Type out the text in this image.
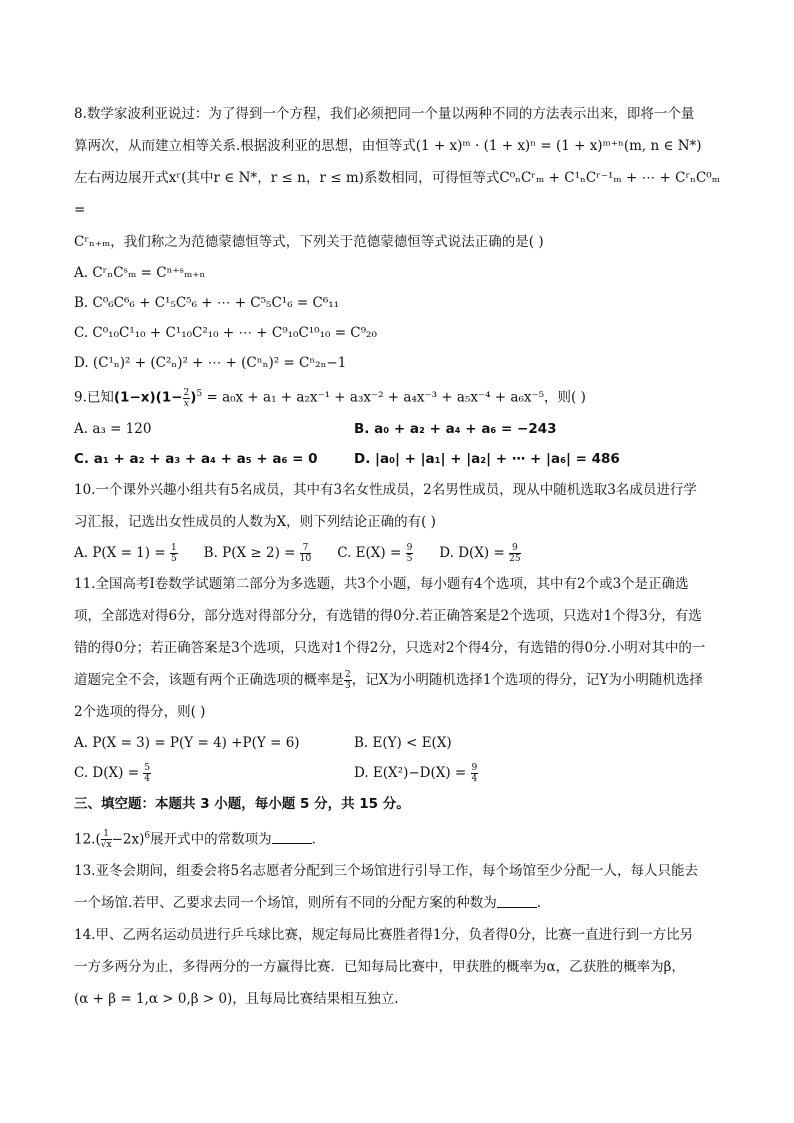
8.数学家波利亚说过：为了得到一个方程，我们必须把同一个量以两种不同的方法表示出来，即将一个量
算两次，从而建立相等关系.根据波利亚的思想，由恒等式(1 + x)ᵐ · (1 + x)ⁿ = (1 + x)ᵐ⁺ⁿ(m, n ∈ N*)
左右两边展开式xʳ(其中r ∈ N*，r ≤ n，r ≤ m)系数相同，可得恒等式C⁰ₙCʳₘ + C¹ₙCʳ⁻¹ₘ + ⋯ + CʳₙC⁰ₘ =
Cʳₙ₊ₘ，我们称之为范德蒙德恒等式，下列关于范德蒙德恒等式说法正确的是( )
A. CʳₙCˢₘ = Cⁿ⁺ˢₘ₊ₙ
B. C⁰₆C⁶₆ + C¹₅C⁵₆ + ⋯ + C⁵₅C¹₆ = C⁶₁₁
C. C⁰₁₀C¹₁₀ + C¹₁₀C²₁₀ + ⋯ + C⁹₁₀C¹⁰₁₀ = C⁹₂₀
D. (C¹ₙ)² + (C²ₙ)² + ⋯ + (Cⁿₙ)² = Cⁿ₂ₙ−1
9.已知$(1-x)(1- \frac{2}{x} )^5 = a_0x + a_1 + a_2x^{-1} + a_3x^{-2} + a_4x^{-3} + a_5x^{-4} + a_6x^{-5}$，则( )
A. a₃ = 120	B. a₀ + a₂ + a₄ + a₆ = −243
C. a₁ + a₂ + a₃ + a₄ + a₅ + a₆ = 0	D. |a₀| + |a₁| + |a₂| + ⋯ + |a₆| = 486
10.一个课外兴趣小组共有5名成员，其中有3名女性成员，2名男性成员，现从中随机选取3名成员进行学
习汇报，记选出女性成员的人数为X，则下列结论正确的有( )
A. $P(X = 1) = \frac{1}{5} B$. $P(X \ge 2) = \frac{7}{10} C$. $E(X) = \frac{9}{5} D$. $D(X) = \frac{9}{25}$
11.全国高考I卷数学试题第二部分为多选题，共3个小题，每小题有4个选项，其中有2个或3个是正确选
项，全部选对得6分，部分选对得部分分，有选错的得0分.若正确答案是2个选项，只选对1个得3分，有选
错的得0分；若正确答案是3个选项，只选对1个得2分，只选对2个得4分，有选错的得0分.小明对其中的一
道题完全不会，该题有两个正确选项的概率是 $\frac{2}{3}$ ，记X为小明随机选择1个选项的得分，记Y为小明随机选择
2个选项的得分，则( )
A. P(X = 3) = P(Y = 4) +P(Y = 6)	B. E(Y) < E(X)
C. $D(X) = \frac{5}{4}$	D. $E(X^2)-D(X) = \frac{9}{4}$
三、填空题：本题共 3 小题，每小题 5 分，共 15 分。
$12.( \frac{1}{√x} -2x)^6$展开式中的常数项为	.
13.亚冬会期间，组委会将5名志愿者分配到三个场馆进行引导工作，每个场馆至少分配一人，每人只能去
一个场馆.若甲、乙要求去同一个场馆，则所有不同的分配方案的种数为	.
14.甲、乙两名运动员进行乒乓球比赛，规定每局比赛胜者得1分，负者得0分，比赛一直进行到一方比另
一方多两分为止，多得两分的一方赢得比赛．已知每局比赛中，甲获胜的概率为α，乙获胜的概率为β，
(α + β = 1,α > 0,β > 0)，且每局比赛结果相互独立.
